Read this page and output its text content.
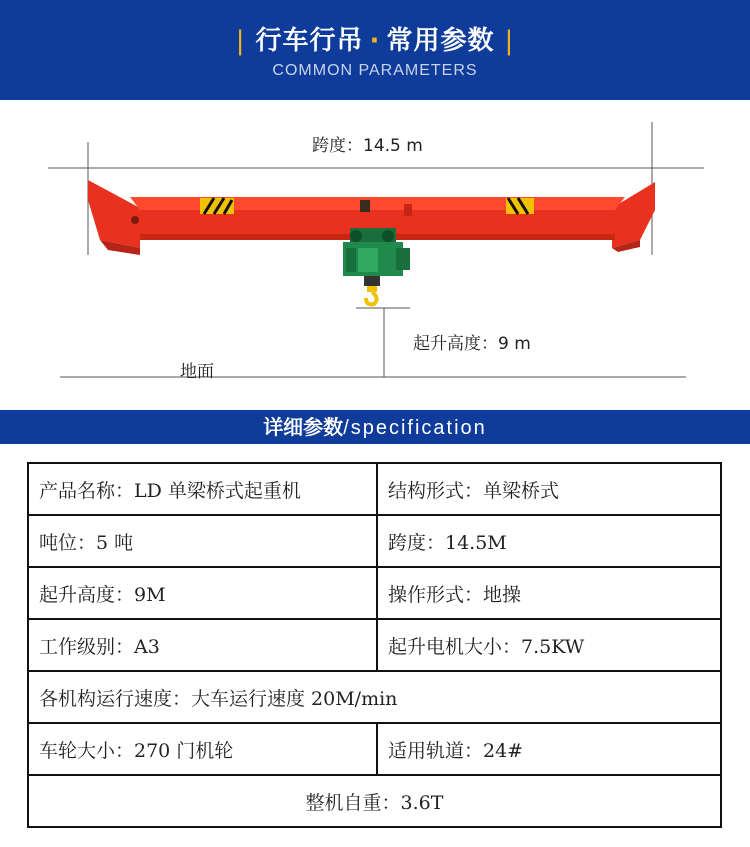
| 行车行吊 · 常用参数 |
COMMON PARAMETERS
跨度：14.5 m
起升高度：9 m
地面
详细参数/specification
产品名称：LD 单梁桥式起重机	结构形式：单梁桥式
吨位：5 吨	跨度：14.5M
起升高度：9M	操作形式：地操
工作级别：A3	起升电机大小：7.5KW
各机构运行速度：大车运行速度 20M/min	
车轮大小：270 门机轮	适用轨道：24#
整机自重：3.6T	
